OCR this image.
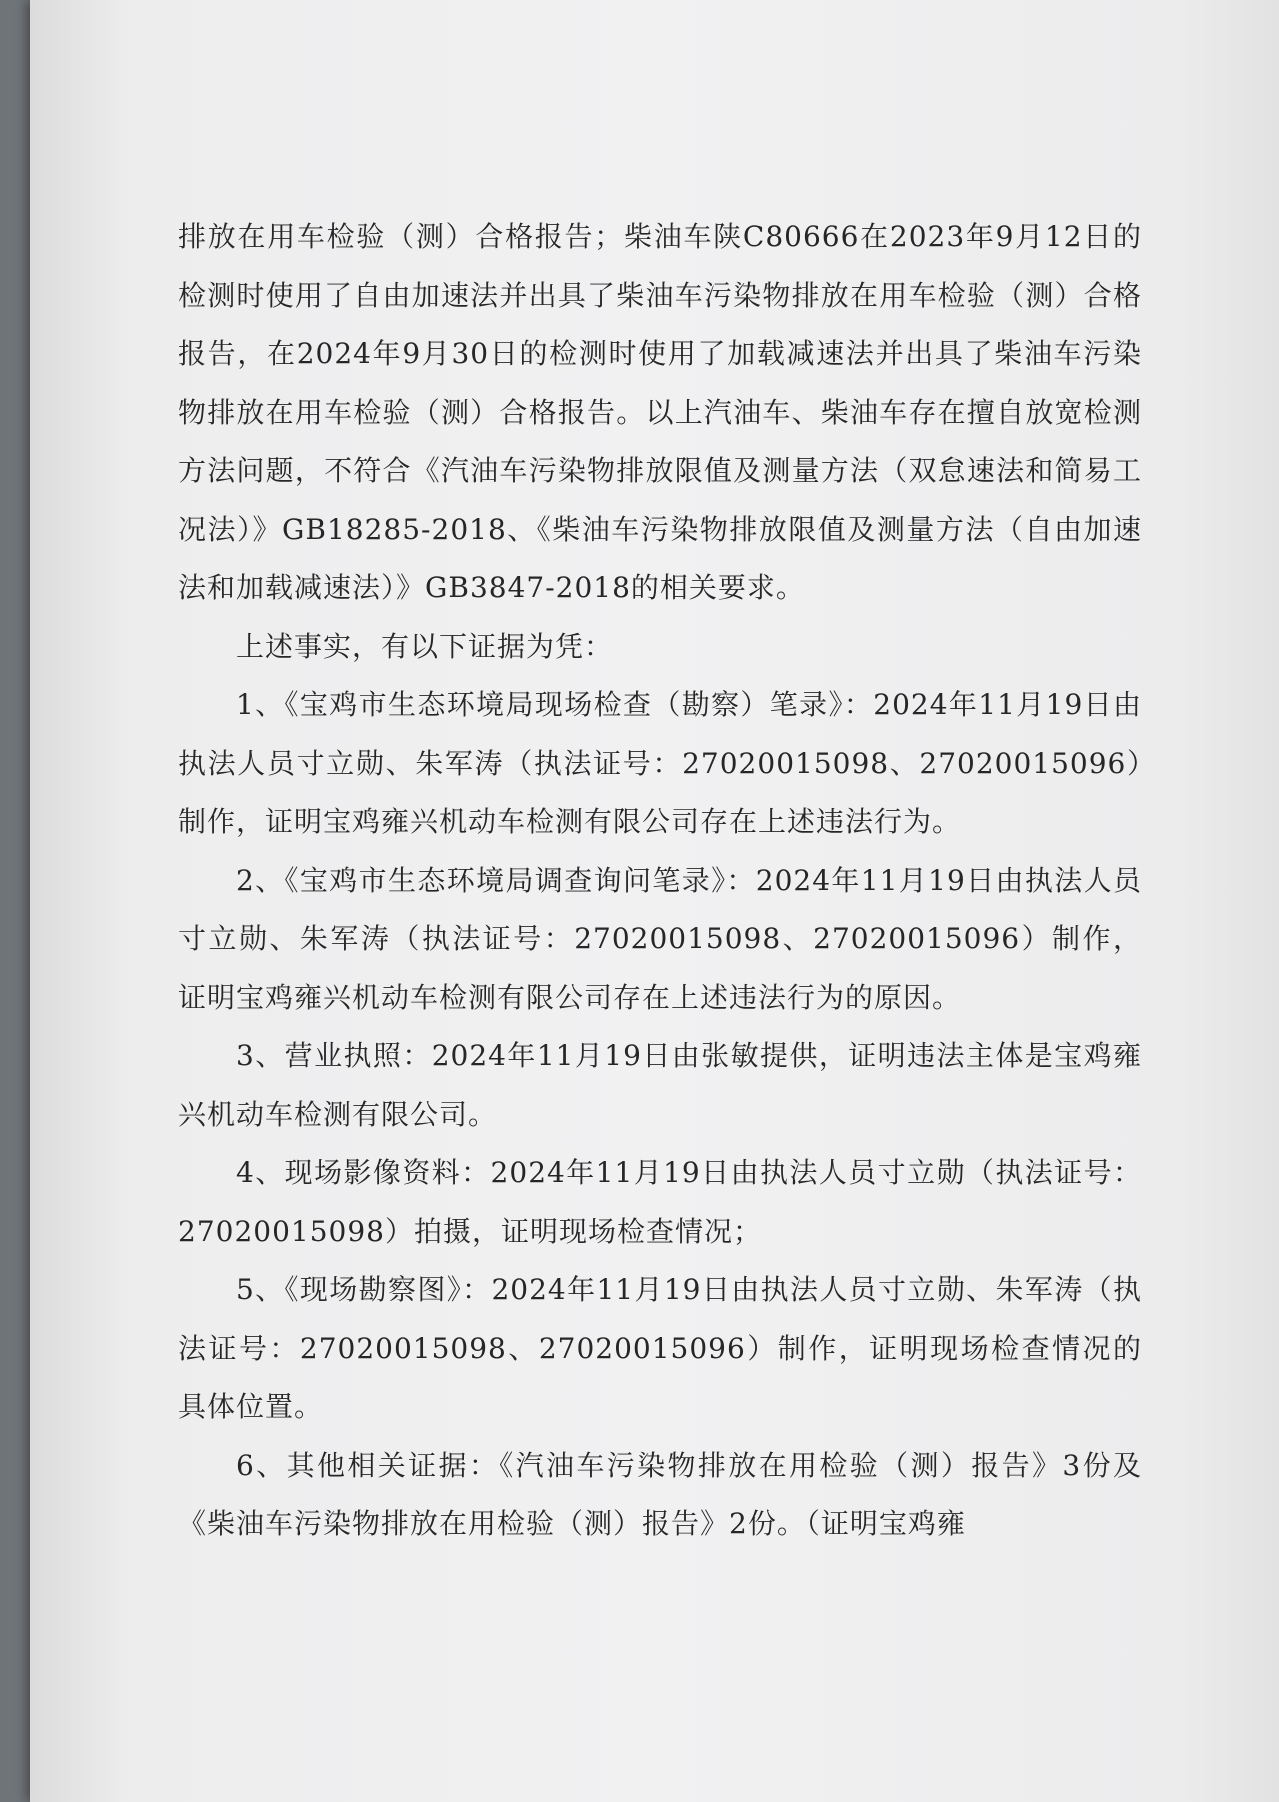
排放在用车检验（测）合格报告；柴油车陕C80666在2023年9月12日的检测时使用了自由加速法并出具了柴油车污染物排放在用车检验（测）合格报告，在2024年9月30日的检测时使用了加载减速法并出具了柴油车污染物排放在用车检验（测）合格报告。以上汽油车、柴油车存在擅自放宽检测方法问题，不符合《汽油车污染物排放限值及测量方法（双怠速法和简易工况法）》GB18285-2018、《柴油车污染物排放限值及测量方法（自由加速法和加载减速法）》GB3847-2018的相关要求。

上述事实，有以下证据为凭：

1、《宝鸡市生态环境局现场检查（勘察）笔录》：2024年11月19日由执法人员寸立勋、朱军涛（执法证号：27020015098、27020015096）制作，证明宝鸡雍兴机动车检测有限公司存在上述违法行为。

2、《宝鸡市生态环境局调查询问笔录》：2024年11月19日由执法人员寸立勋、朱军涛（执法证号：27020015098、27020015096）制作，证明宝鸡雍兴机动车检测有限公司存在上述违法行为的原因。

3、营业执照：2024年11月19日由张敏提供，证明违法主体是宝鸡雍兴机动车检测有限公司。

4、现场影像资料：2024年11月19日由执法人员寸立勋（执法证号：27020015098）拍摄，证明现场检查情况；

5、《现场勘察图》：2024年11月19日由执法人员寸立勋、朱军涛（执法证号：27020015098、27020015096）制作，证明现场检查情况的具体位置。

6、其他相关证据：《汽油车污染物排放在用检验（测）报告》3份及《柴油车污染物排放在用检验（测）报告》2份。（证明宝鸡雍
